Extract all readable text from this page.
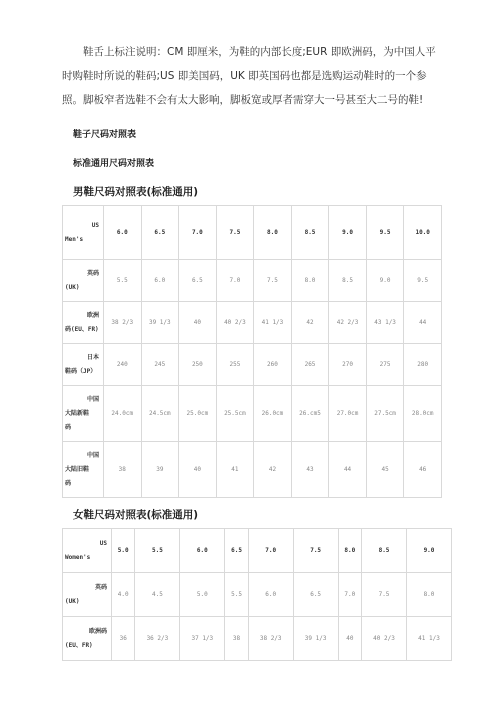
鞋舌上标注说明：CM 即厘米，为鞋的内部长度;EUR 即欧洲码，为中国人平时购鞋时所说的鞋码;US 即美国码，UK 即英国码也都是选购运动鞋时的一个参照。脚板窄者选鞋不会有太大影响，脚板宽或厚者需穿大一号甚至大二号的鞋!

鞋子尺码对照表
标准通用尺码对照表
男鞋尺码对照表(标准通用)
US
Men's	6.0	6.5	7.0	7.5	8.0	8.5	9.0	9.5	10.0

英码
(UK)	5.5	6.0	6.5	7.0	7.5	8.0	8.5	9.0	9.5

欧洲
码(EU、FR)	38 2/3	39 1/3	40	40 2/3	41 1/3	42	42 2/3	43 1/3	44

日本
鞋码（JP）	240	245	250	255	260	265	270	275	280

中国
大陆新鞋
码	24.0cm	24.5cm	25.0cm	25.5cm	26.0cm	26.cm5	27.0cm	27.5cm	28.0cm

中国
大陆旧鞋
码	38	39	40	41	42	43	44	45	46
女鞋尺码对照表(标准通用)
US
Women's	5.0	5.5	6.0	6.5	7.0	7.5	8.0	8.5	9.0

英码
(UK)	4.0	4.5	5.0	5.5	6.0	6.5	7.0	7.5	8.0

欧洲码
(EU、FR)	36	36 2/3	37 1/3	38	38 2/3	39 1/3	40	40 2/3	41 1/3
